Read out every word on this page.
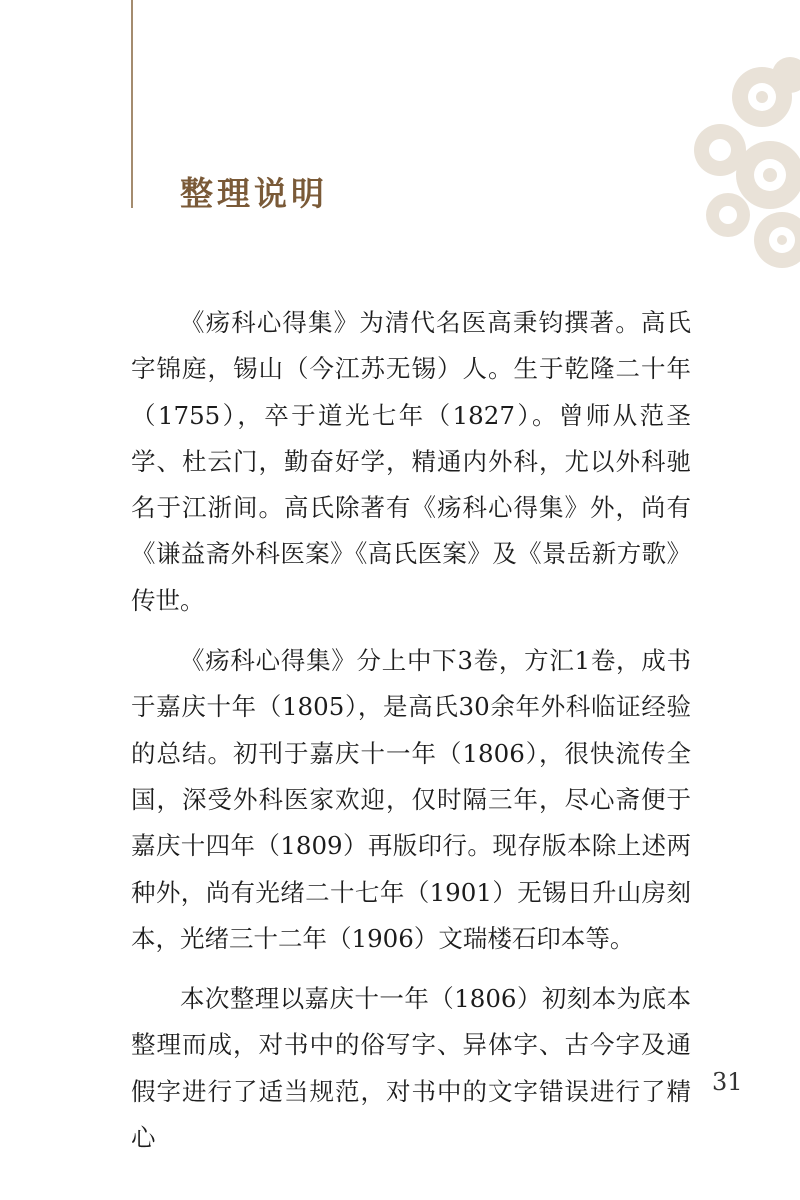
整理说明

《疡科心得集》为清代名医高秉钧撰著。高氏字锦庭，锡山（今江苏无锡）人。生于乾隆二十年（1755），卒于道光七年（1827）。曾师从范圣学、杜云门，勤奋好学，精通内外科，尤以外科驰名于江浙间。高氏除著有《疡科心得集》外，尚有《谦益斋外科医案》《高氏医案》及《景岳新方歌》传世。

《疡科心得集》分上中下3卷，方汇1卷，成书于嘉庆十年（1805），是高氏30余年外科临证经验的总结。初刊于嘉庆十一年（1806），很快流传全国，深受外科医家欢迎，仅时隔三年，尽心斋便于嘉庆十四年（1809）再版印行。现存版本除上述两种外，尚有光绪二十七年（1901）无锡日升山房刻本，光绪三十二年（1906）文瑞楼石印本等。

本次整理以嘉庆十一年（1806）初刻本为底本整理而成，对书中的俗写字、异体字、古今字及通假字进行了适当规范，对书中的文字错误进行了精心

31
